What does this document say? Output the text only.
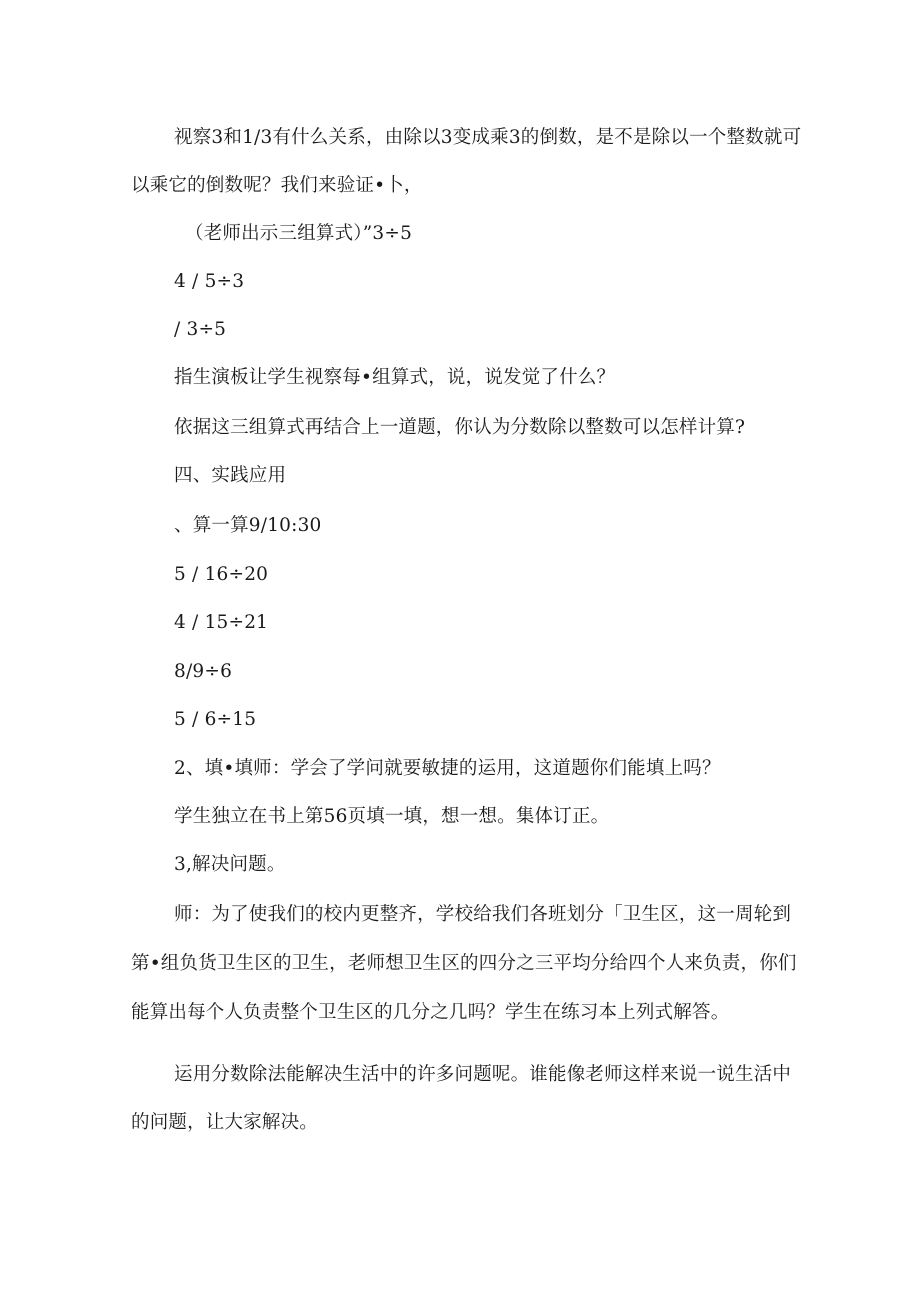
视察3和1/3有什么关系，由除以3变成乘3的倒数，是不是除以一个整数就可

以乘它的倒数呢？我们来验证•卜，

（老师出示三组算式）”3÷5

4 / 5÷3

/ 3÷5

指生演板让学生视察每•组算式，说，说发觉了什么？

依据这三组算式再结合上一道题，你认为分数除以整数可以怎样计算?

四、实践应用

、算一算9/10:30

5 / 16÷20

4 / 15÷21

8/9÷6

5 / 6÷15

2、填•填师：学会了学问就要敏捷的运用，这道题你们能填上吗？

学生独立在书上第56页填一填，想一想。集体订正。

3,解决问题。

师：为了使我们的校内更整齐，学校给我们各班划分「卫生区，这一周轮到

第•组负货卫生区的卫生，老师想卫生区的四分之三平均分给四个人来负责，你们

能算出每个人负责整个卫生区的几分之几吗？学生在练习本上列式解答。

运用分数除法能解决生活中的许多问题呢。谁能像老师这样来说一说生活中

的问题，让大家解决。
